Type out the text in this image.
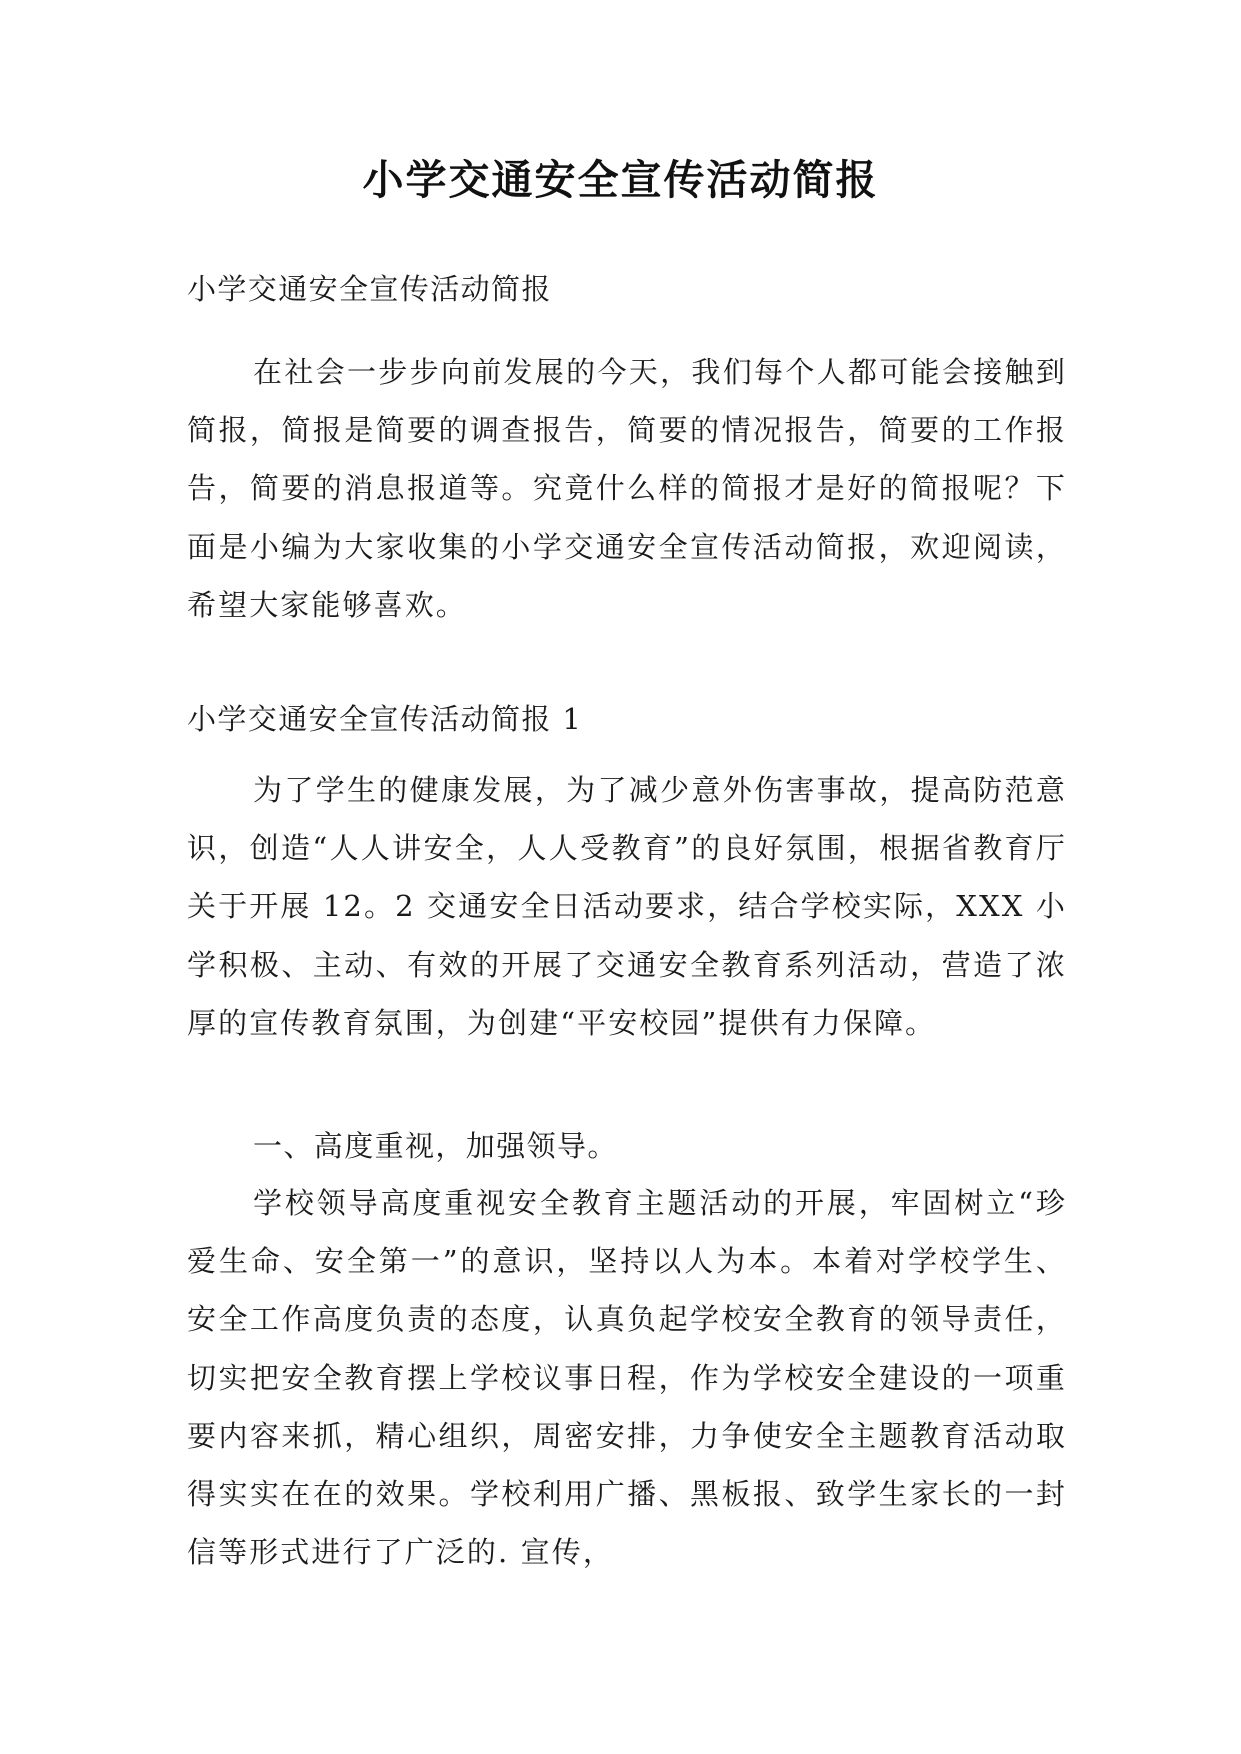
小学交通安全宣传活动简报

小学交通安全宣传活动简报

在社会一步步向前发展的今天，我们每个人都可能会接触到简报，简报是简要的调查报告，简要的情况报告，简要的工作报告，简要的消息报道等。究竟什么样的简报才是好的简报呢？下面是小编为大家收集的小学交通安全宣传活动简报，欢迎阅读，希望大家能够喜欢。

小学交通安全宣传活动简报 1

为了学生的健康发展，为了减少意外伤害事故，提高防范意识，创造“人人讲安全，人人受教育”的良好氛围，根据省教育厅关于开展 12。2 交通安全日活动要求，结合学校实际，XXX 小学积极、主动、有效的开展了交通安全教育系列活动，营造了浓厚的宣传教育氛围，为创建“平安校园”提供有力保障。

一、高度重视，加强领导。

学校领导高度重视安全教育主题活动的开展，牢固树立“珍爱生命、安全第一”的意识，坚持以人为本。本着对学校学生、安全工作高度负责的态度，认真负起学校安全教育的领导责任，切实把安全教育摆上学校议事日程，作为学校安全建设的一项重要内容来抓，精心组织，周密安排，力争使安全主题教育活动取得实实在在的效果。学校利用广播、黑板报、致学生家长的一封信等形式进行了广泛的. 宣传，
